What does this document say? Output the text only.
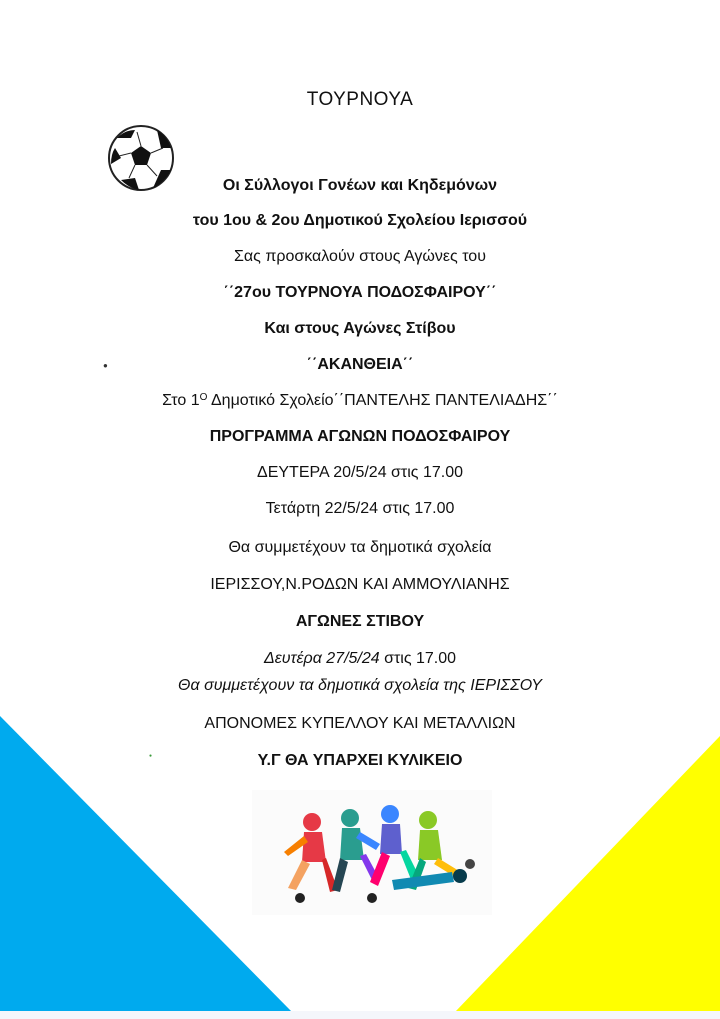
●
●
ΤΟΥΡΝΟΥΑ
Οι Σύλλογοι Γονέων και Κηδεμόνων
του 1ου & 2ου Δημοτικού Σχολείου Ιερισσού
Σας προσκαλούν στους Αγώνες του
΄΄27ου ΤΟΥΡΝΟΥΑ ΠΟΔΟΣΦΑΙΡΟΥ΄΄
Και στους Αγώνες Στίβου
΄΄ΑΚΑΝΘΕΙΑ΄΄
Στο $1^O$ Δημοτικό Σχολείο΄΄ΠΑΝΤΕΛΗΣ ΠΑΝΤΕΛΙΑΔΗΣ΄΄
ΠΡΟΓΡΑΜΜΑ ΑΓΩΝΩΝ ΠΟΔΟΣΦΑΙΡΟΥ
ΔΕΥΤΕΡΑ 20/5/24 στις 17.00
Τετάρτη 22/5/24 στις 17.00
Θα συμμετέχουν τα δημοτικά σχολεία
ΙΕΡΙΣΣΟΥ,Ν.ΡΟΔΩΝ ΚΑΙ ΑΜΜΟΥΛΙΑΝΗΣ
ΑΓΩΝΕΣ ΣΤΙΒΟΥ
Δευτέρα 27/5/24 στις 17.00
Θα συμμετέχουν τα δημοτικά σχολεία της ΙΕΡΙΣΣΟΥ
ΑΠΟΝΟΜΕΣ ΚΥΠΕΛΛΟΥ ΚΑΙ ΜΕΤΑΛΛΙΩΝ
Υ.Γ ΘΑ ΥΠΑΡΧΕΙ ΚΥΛΙΚΕΙΟ
